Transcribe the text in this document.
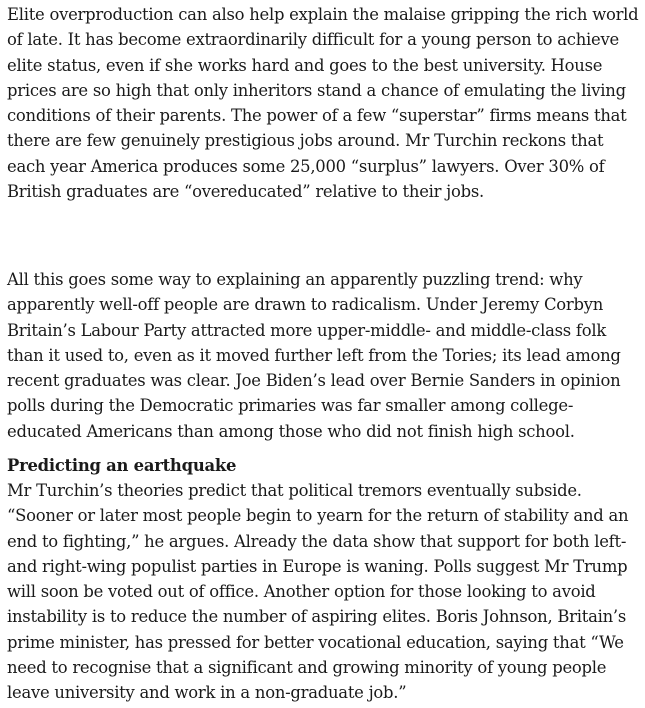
Elite overproduction can also help explain the malaise gripping the rich world of late. It has become extraordinarily difficult for a young person to achieve elite status, even if she works hard and goes to the best university. House prices are so high that only inheritors stand a chance of emulating the living conditions of their parents. The power of a few “superstar” firms means that there are few genuinely prestigious jobs around. Mr Turchin reckons that each year America produces some 25,000 “surplus” lawyers. Over 30% of British graduates are “overeducated” relative to their jobs.

All this goes some way to explaining an apparently puzzling trend: why apparently well-off people are drawn to radicalism. Under Jeremy Corbyn Britain’s Labour Party attracted more upper-middle- and middle-class folk than it used to, even as it moved further left from the Tories; its lead among recent graduates was clear. Joe Biden’s lead over Bernie Sanders in opinion polls during the Democratic primaries was far smaller among college-educated Americans than among those who did not finish high school.

Predicting an earthquake

Mr Turchin’s theories predict that political tremors eventually subside. “Sooner or later most people begin to yearn for the return of stability and an end to fighting,” he argues. Already the data show that support for both left- and right-wing populist parties in Europe is waning. Polls suggest Mr Trump will soon be voted out of office. Another option for those looking to avoid instability is to reduce the number of aspiring elites. Boris Johnson, Britain’s prime minister, has pressed for better vocational education, saying that “We need to recognise that a significant and growing minority of young people leave university and work in a non-graduate job.”
